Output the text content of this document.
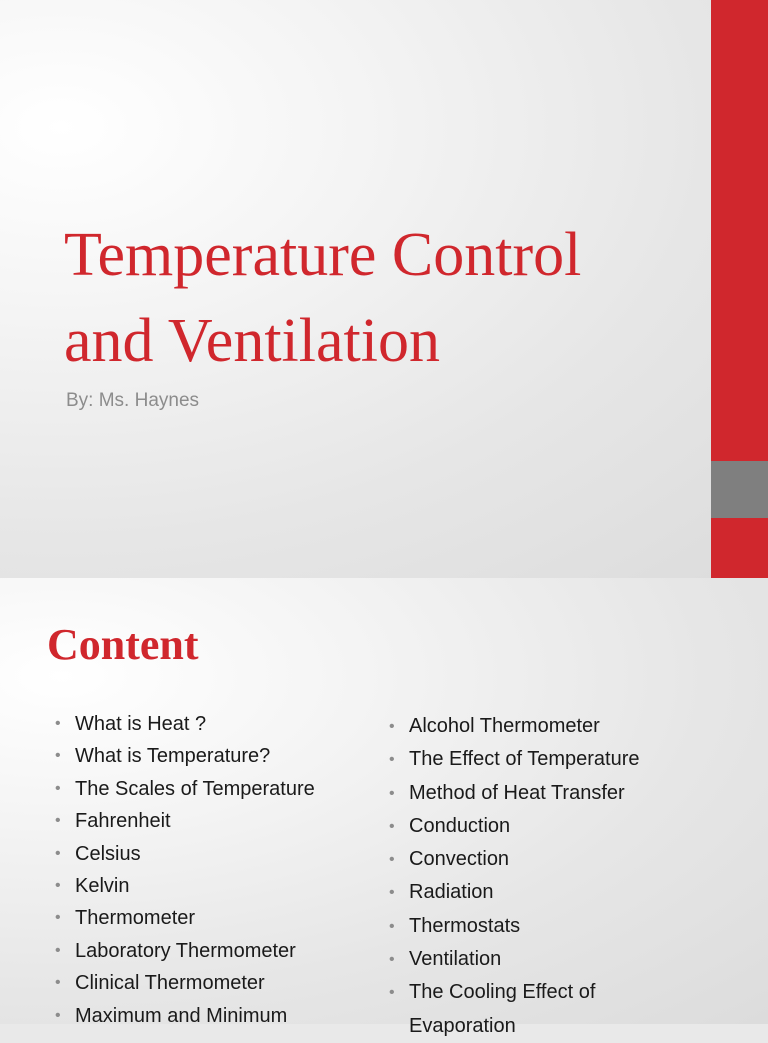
Temperature Control
and Ventilation

By: Ms. Haynes

Content
• What is Heat ?
• What is Temperature?
• The Scales of Temperature
• Fahrenheit
• Celsius
• Kelvin
• Thermometer
• Laboratory Thermometer
• Clinical Thermometer
• Maximum and Minimum
• Alcohol Thermometer
• The Effect of Temperature
• Method of Heat Transfer
• Conduction
• Convection
• Radiation
• Thermostats
• Ventilation
• The Cooling Effect of
Evaporation
